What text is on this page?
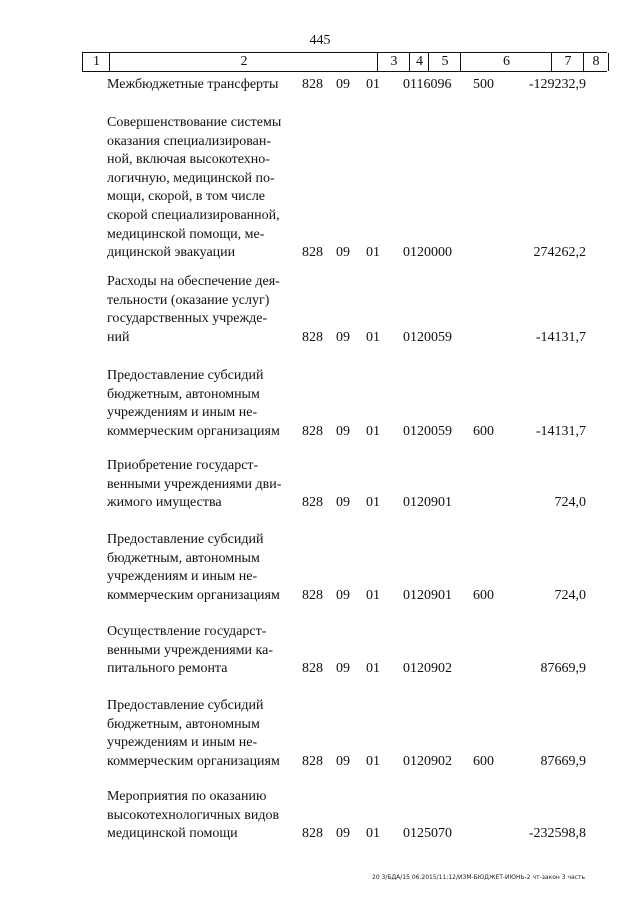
445
1	2	3	4	5	6	7	8
Межбюджетные трансферты	828 09 01 0116096 500 -129232,9
Совершенствование системы
оказания специализирован-
ной, включая высокотехно-
логичную, медицинской по-
мощи, скорой, в том числе
скорой специализированной,
медицинской помощи, ме-
дицинской эвакуации	828 09 01 0120000	274262,2
Расходы на обеспечение дея-
тельности (оказание услуг)
государственных учрежде-
ний	828 09 01 0120059	-14131,7
Предоставление субсидий
бюджетным, автономным
учреждениям и иным не-
коммерческим организациям	828 09 01 0120059 600	-14131,7
Приобретение государст-
венными учреждениями дви-
жимого имущества	828 09 01 0120901	724,0
Предоставление субсидий
бюджетным, автономным
учреждениям и иным не-
коммерческим организациям	828 09 01 0120901 600	724,0
Осуществление государст-
венными учреждениями ка-
питального ремонта	828 09 01 0120902	87669,9
Предоставление субсидий
бюджетным, автономным
учреждениям и иным не-
коммерческим организациям	828 09 01 0120902 600	87669,9
Мероприятия по оказанию
высокотехнологичных видов
медицинской помощи	828 09 01 0125070	-232598,8
20 3/БДА/15 06.2015/11:12/ИЗМ-БЮДЖЕТ-ИЮНЬ-2 чт-закон 3 часть
